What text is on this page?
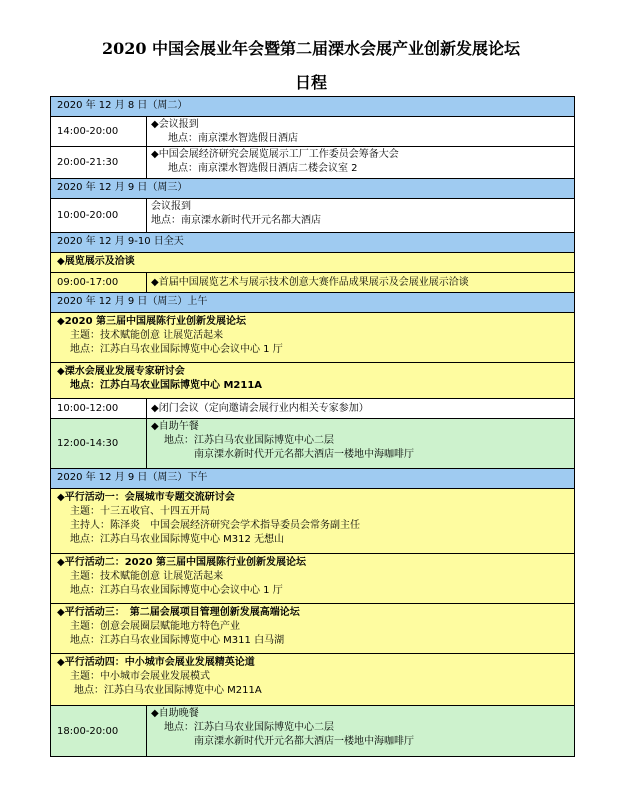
2020 中国会展业年会暨第二届溧水会展产业创新发展论坛
日程
2020 年 12 月 8 日（周二）
14:00-20:00
◆会议报到
地点：南京溧水智选假日酒店
20:00-21:30
◆中国会展经济研究会展览展示工厂工作委员会筹备大会
地点：南京溧水智选假日酒店二楼会议室 2
2020 年 12 月 9 日（周三）
10:00-20:00
会议报到
地点：南京溧水新时代开元名都大酒店
2020 年 12 月 9-10 日全天
◆展览展示及洽谈
09:00-17:00	◆首届中国展览艺术与展示技术创意大赛作品成果展示及会展业展示洽谈
2020 年 12 月 9 日（周三）上午
◆2020 第三届中国展陈行业创新发展论坛
主题：技术赋能创意 让展览活起来
地点：江苏白马农业国际博览中心会议中心 1 厅
◆溧水会展业发展专家研讨会
地点：江苏白马农业国际博览中心 M211A
10:00-12:00	◆闭门会议（定向邀请会展行业内相关专家参加）
12:00-14:30
◆自助午餐
地点：江苏白马农业国际博览中心二层
南京溧水新时代开元名都大酒店一楼地中海咖啡厅
2020 年 12 月 9 日（周三）下午
◆平行活动一：会展城市专题交流研讨会
主题：十三五收官、十四五开局
主持人：陈泽炎　中国会展经济研究会学术指导委员会常务副主任
地点：江苏白马农业国际博览中心 M312 无想山
◆平行活动二：2020 第三届中国展陈行业创新发展论坛
主题：技术赋能创意 让展览活起来
地点：江苏白马农业国际博览中心会议中心 1 厅
◆平行活动三：　第二届会展项目管理创新发展高端论坛
主题：创意会展圈层赋能地方特色产业
地点：江苏白马农业国际博览中心 M311 白马湖
◆平行活动四：中小城市会展业发展精英论道
主题：中小城市会展业发展模式
地点：江苏白马农业国际博览中心 M211A
18:00-20:00
◆自助晚餐
地点：江苏白马农业国际博览中心二层
南京溧水新时代开元名都大酒店一楼地中海咖啡厅
